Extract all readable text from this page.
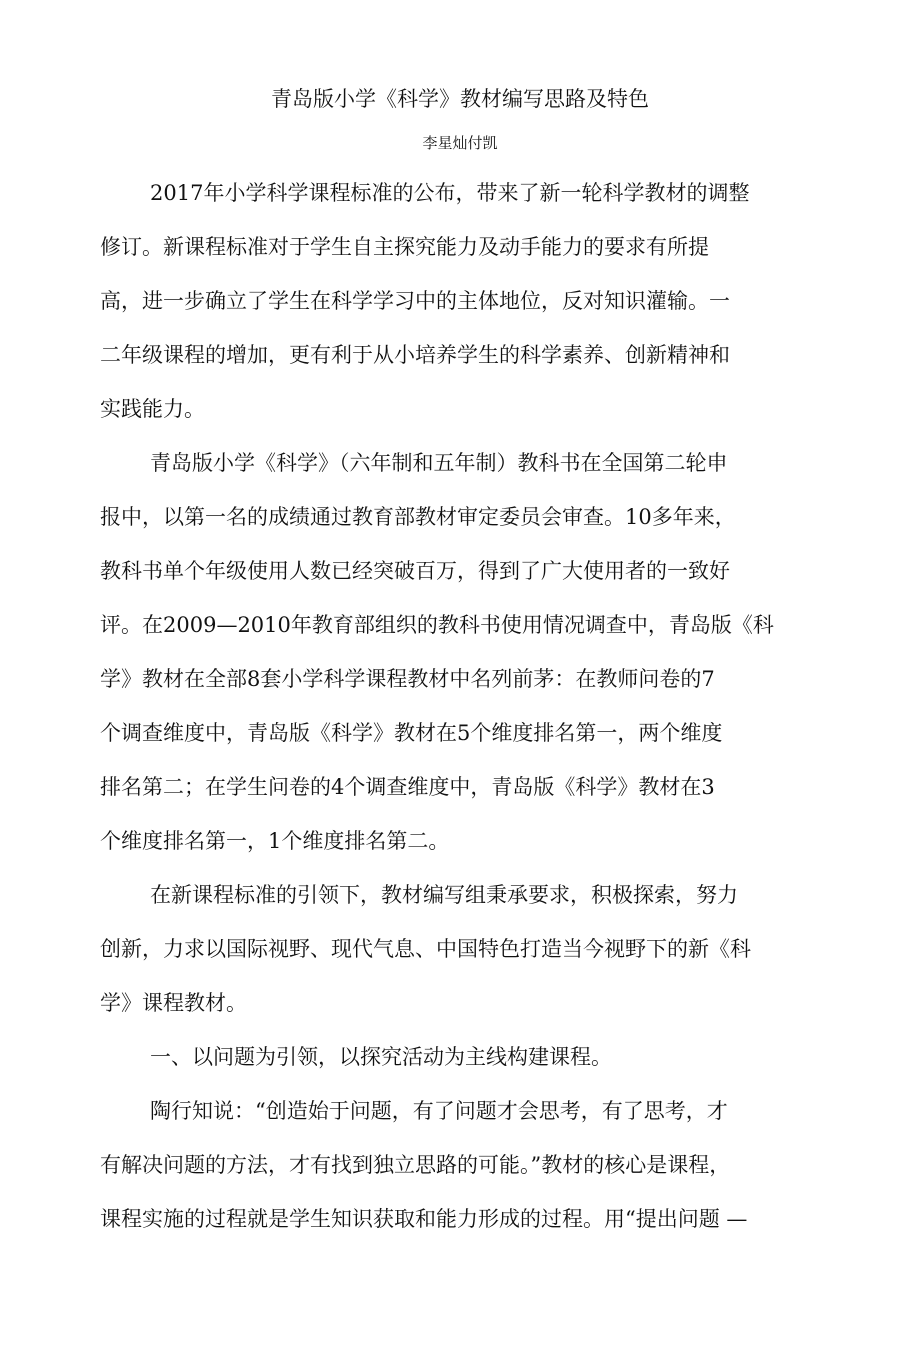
青岛版小学《科学》教材编写思路及特色
李星灿付凯
2017年小学科学课程标准的公布，带来了新一轮科学教材的调整
修订。新课程标准对于学生自主探究能力及动手能力的要求有所提
高，进一步确立了学生在科学学习中的主体地位，反对知识灌输。一
二年级课程的增加，更有利于从小培养学生的科学素养、创新精神和
实践能力。
青岛版小学《科学》（六年制和五年制）教科书在全国第二轮申
报中，以第一名的成绩通过教育部教材审定委员会审查。10多年来，
教科书单个年级使用人数已经突破百万，得到了广大使用者的一致好
评。在2009—2010年教育部组织的教科书使用情况调查中，青岛版《科
学》教材在全部8套小学科学课程教材中名列前茅：在教师问卷的7
个调查维度中，青岛版《科学》教材在5个维度排名第一，两个维度
排名第二；在学生问卷的4个调查维度中，青岛版《科学》教材在3
个维度排名第一，1个维度排名第二。
在新课程标准的引领下，教材编写组秉承要求，积极探索，努力
创新，力求以国际视野、现代气息、中国特色打造当今视野下的新《科
学》课程教材。
一、以问题为引领，以探究活动为主线构建课程。
陶行知说：“创造始于问题，有了问题才会思考，有了思考，才
有解决问题的方法，才有找到独立思路的可能。”教材的核心是课程，
课程实施的过程就是学生知识获取和能力形成的过程。用“提出问题 —
